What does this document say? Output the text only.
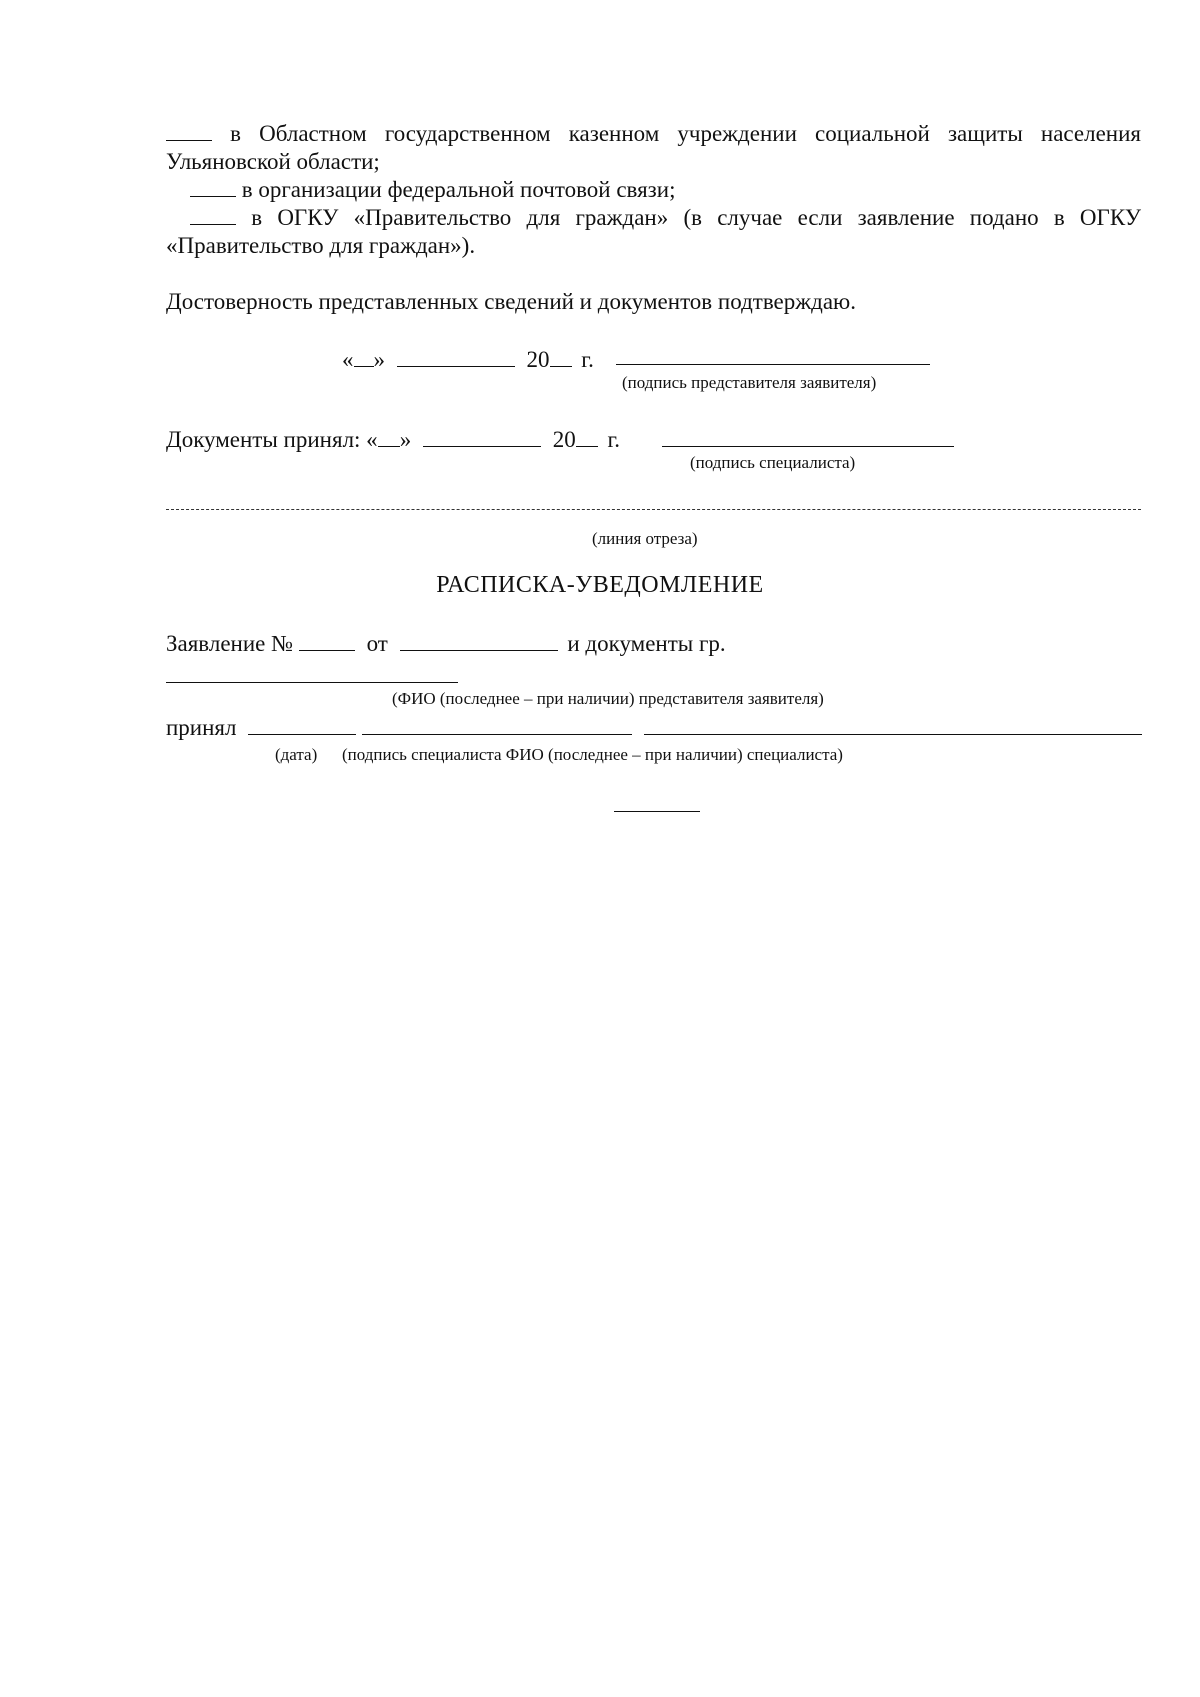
в Областном государственном казенном учреждении социальной защиты населения
Ульяновской области;
в организации федеральной почтовой связи;
в ОГКУ «Правительство для граждан» (в случае если заявление подано в ОГКУ
«Правительство для граждан»).
Достоверность представленных сведений и документов подтверждаю.
« »	20 г.
(подпись представителя заявителя)
Документы принял: « »	20 г.
(подпись специалиста)
(линия отреза)
РАСПИСКА-УВЕДОМЛЕНИЕ
Заявление №	от	и документы гр.
(ФИО (последнее – при наличии) представителя заявителя)
принял
(дата) (подпись специалиста ФИО (последнее – при наличии) специалиста)
